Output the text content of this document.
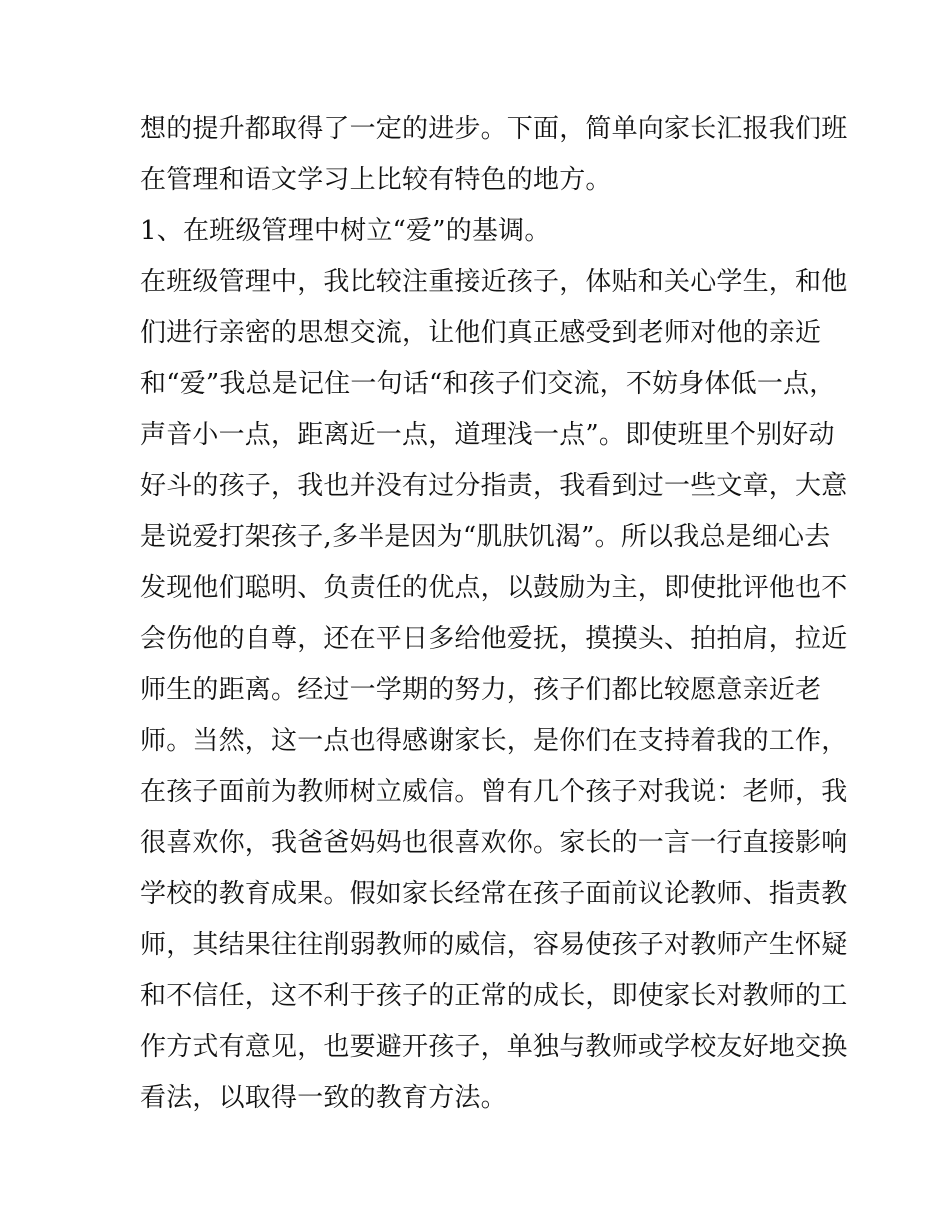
想的提升都取得了一定的进步。下面，简单向家长汇报我们班
在管理和语文学习上比较有特色的地方。
1、在班级管理中树立“爱”的基调。
在班级管理中，我比较注重接近孩子，体贴和关心学生，和他
们进行亲密的思想交流，让他们真正感受到老师对他的亲近
和“爱”我总是记住一句话“和孩子们交流，不妨身体低一点，
声音小一点，距离近一点，道理浅一点”。即使班里个别好动
好斗的孩子，我也并没有过分指责，我看到过一些文章，大意
是说爱打架孩子,多半是因为“肌肤饥渴”。所以我总是细心去
发现他们聪明、负责任的优点，以鼓励为主，即使批评他也不
会伤他的自尊，还在平日多给他爱抚，摸摸头、拍拍肩，拉近
师生的距离。经过一学期的努力，孩子们都比较愿意亲近老
师。当然，这一点也得感谢家长，是你们在支持着我的工作，
在孩子面前为教师树立威信。曾有几个孩子对我说：老师，我
很喜欢你，我爸爸妈妈也很喜欢你。家长的一言一行直接影响
学校的教育成果。假如家长经常在孩子面前议论教师、指责教
师，其结果往往削弱教师的威信，容易使孩子对教师产生怀疑
和不信任，这不利于孩子的正常的成长，即使家长对教师的工
作方式有意见，也要避开孩子，单独与教师或学校友好地交换
看法，以取得一致的教育方法。
